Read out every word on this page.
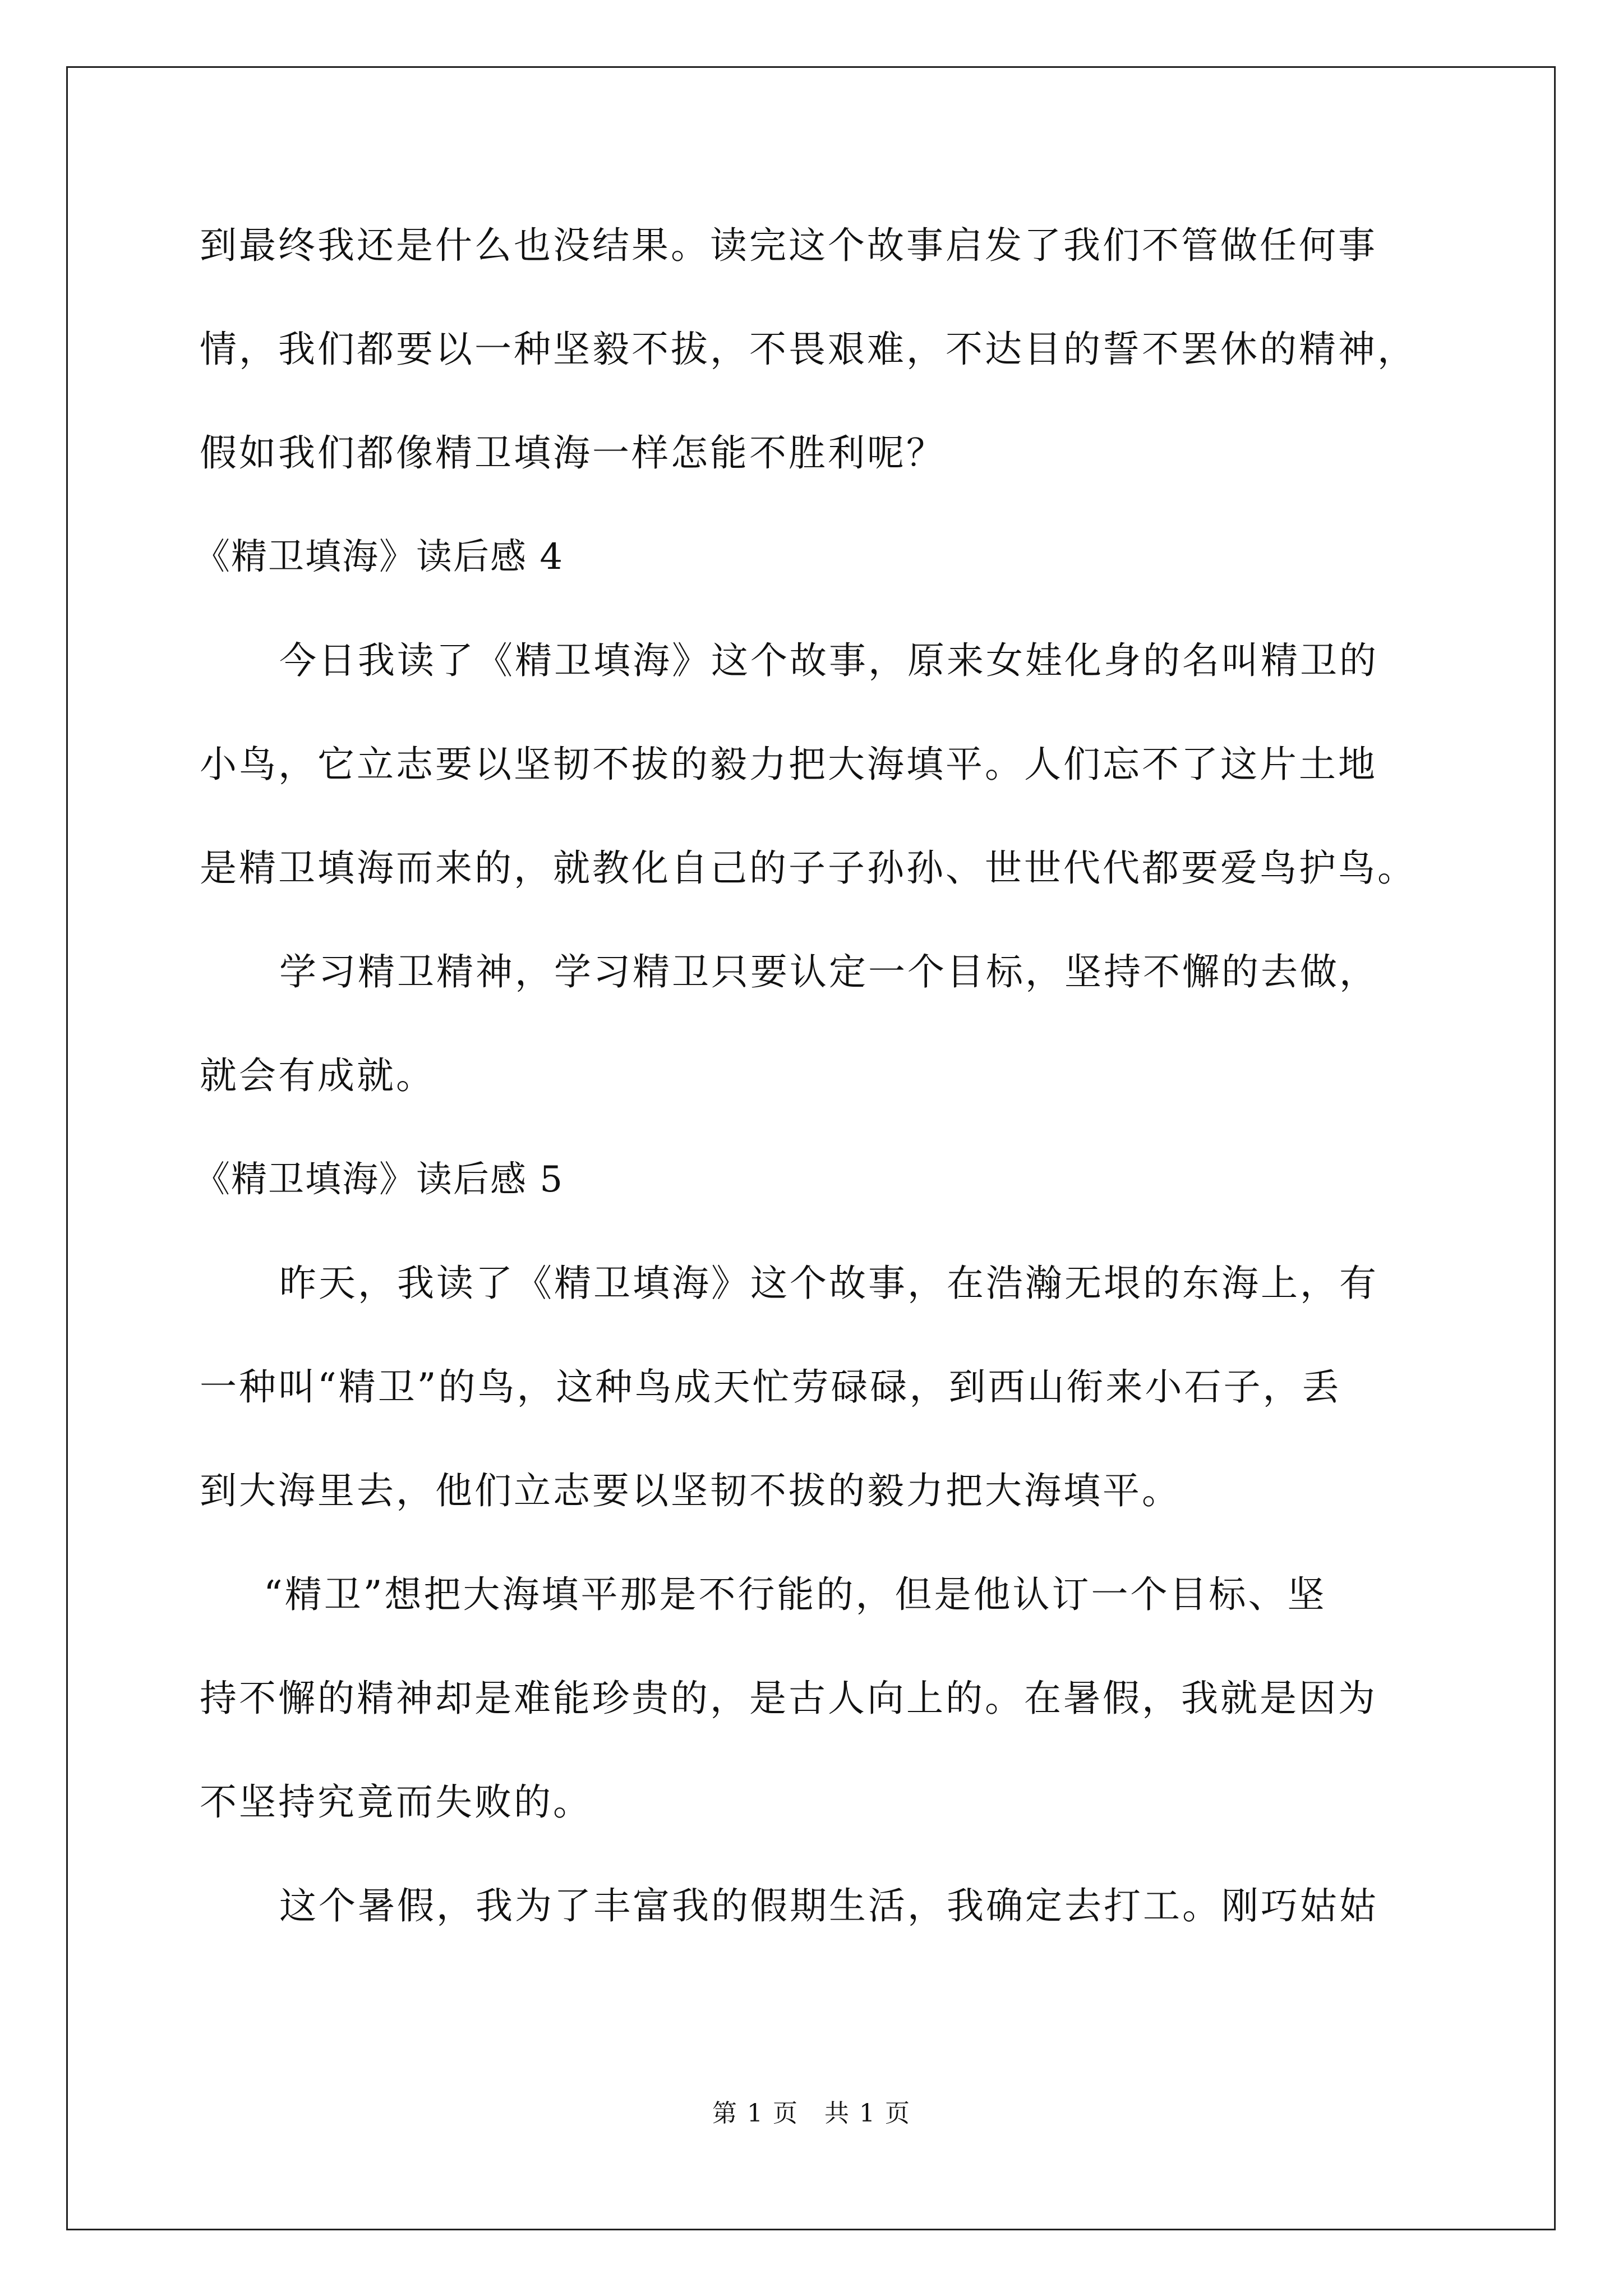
到最终我还是什么也没结果。读完这个故事启发了我们不管做任何事
情，我们都要以一种坚毅不拔，不畏艰难，不达目的誓不罢休的精神，
假如我们都像精卫填海一样怎能不胜利呢？
《精卫填海》读后感 4
今日我读了《精卫填海》这个故事，原来女娃化身的名叫精卫的
小鸟，它立志要以坚韧不拔的毅力把大海填平。人们忘不了这片土地
是精卫填海而来的，就教化自己的子子孙孙、世世代代都要爱鸟护鸟。
学习精卫精神，学习精卫只要认定一个目标，坚持不懈的去做，
就会有成就。
《精卫填海》读后感 5
昨天，我读了《精卫填海》这个故事，在浩瀚无垠的东海上，有
一种叫“精卫”的鸟，这种鸟成天忙劳碌碌，到西山衔来小石子，丢
到大海里去，他们立志要以坚韧不拔的毅力把大海填平。
“精卫”想把大海填平那是不行能的，但是他认订一个目标、坚
持不懈的精神却是难能珍贵的，是古人向上的。在暑假，我就是因为
不坚持究竟而失败的。
这个暑假，我为了丰富我的假期生活，我确定去打工。刚巧姑姑
第 1 页　共 1 页
